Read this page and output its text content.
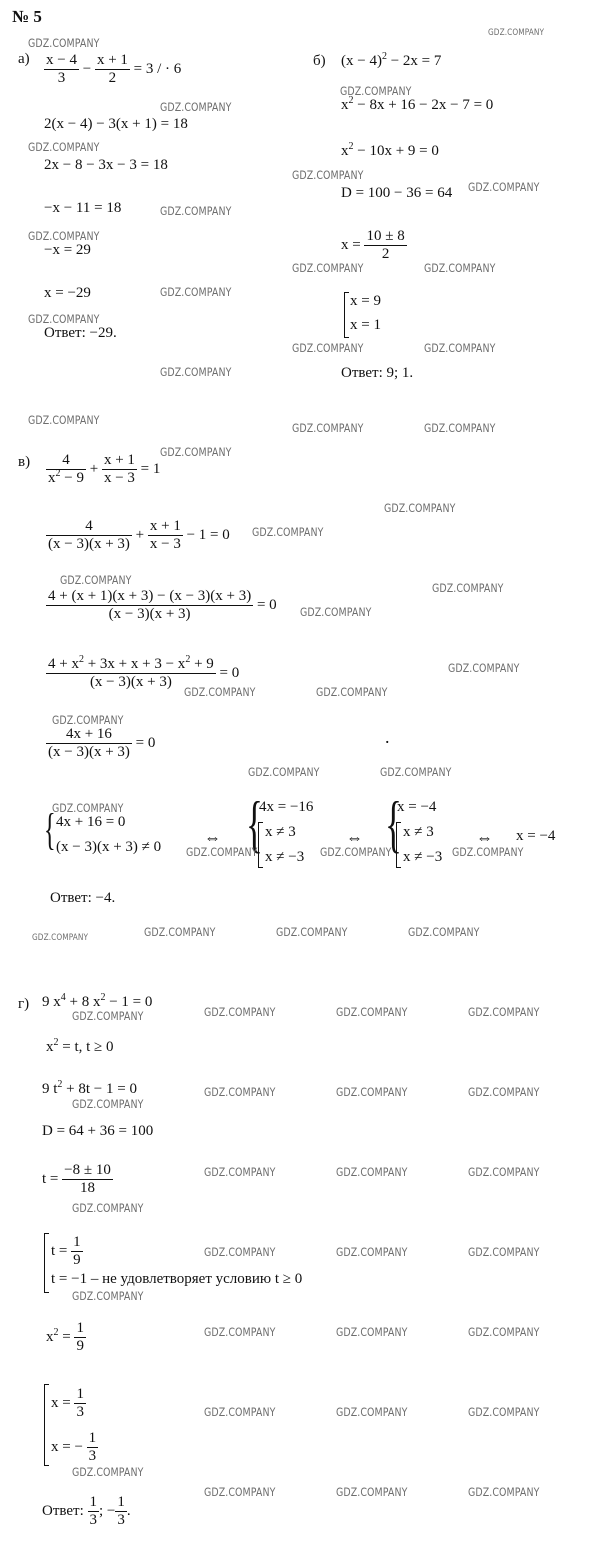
№ 5
$а) \frac{x - 4}{3} - \frac{x + 1}{2} = 3$ / · 6
2(x − 4) − 3(x + 1) = 18
2x − 8 − 3x − 3 = 18
−x − 11 = 18
−x = 29
x = −29
Ответ: −29.
б) $(x - 4)^2 - 2x = 7$
$x^2 - 8x + 16 - 2x - 7 = 0$
$x^2 - 10x + 9 = 0$
D = 100 − 36 = 64
$x = \frac{10 \pm 8}{2}$
x = 9
x = 1
Ответ: 9; 1.
$в) \frac{4}{x^2 - 9} + \frac{x + 1}{x - 3} = 1$
$\frac{4}{(x - 3)(x + 3)} + \frac{x + 1}{x - 3} - 1 = 0$
$\frac{4 + (x + 1)(x + 3) - (x - 3)(x + 3)}{(x - 3)(x + 3)} = 0$
$\frac{4 + x^2 + 3x + x + 3 - x^2 + 9}{(x - 3)(x + 3)} = 0$
$\frac{4x + 16}{(x - 3)(x + 3)} = 0$	.
{ 4x + 16 = 0
(x − 3)(x + 3) ≠ 0	⇔ {
4x = −16
x ≠ 3
x ≠ −3
⇔ {
x = −4
x ≠ 3
x ≠ −3
⇔ x = −4
Ответ: −4.
г) 9 $x^4 + 8$ $x^2 - 1 = 0$
$x^2 = t$, t ≥ 0
9 $t^2 + 8t - 1 = 0$
D = 64 + 36 = 100
$t = \frac{-8 \pm 10}{18}$
$t = \frac{1}{9}$
t = −1 – не удовлетворяет условию t ≥ 0
$x^2 = \frac{1}{9}$
$x = \frac{1}{3}$
x = − $\frac{1}{3}$
Ответ: $\frac{1}{3}$ ; − $\frac{1}{3}$ .
GDZ.COMPANY
GDZ.COMPANY
GDZ.COMPANY
GDZ.COMPANY
GDZ.COMPANY
GDZ.COMPANY
GDZ.COMPANY
GDZ.COMPANY
GDZ.COMPANY
GDZ.COMPANY	GDZ.COMPANY
GDZ.COMPANY
GDZ.COMPANY
GDZ.COMPANY	GDZ.COMPANY
GDZ.COMPANY
GDZ.COMPANY
GDZ.COMPANY	GDZ.COMPANY
GDZ.COMPANY
GDZ.COMPANY
GDZ.COMPANY
GDZ.COMPANY
GDZ.COMPANY
GDZ.COMPANY
GDZ.COMPANY
GDZ.COMPANY	GDZ.COMPANY
GDZ.COMPANY
GDZ.COMPANY	GDZ.COMPANY
GDZ.COMPANY
GDZ.COMPANY	GDZ.COMPANY	GDZ.COMPANY
GDZ.COMPANY	GDZ.COMPANY	GDZ.COMPANY	GDZ.COMPANY
GDZ.COMPANY	GDZ.COMPANY	GDZ.COMPANY
GDZ.COMPANY
GDZ.COMPANY	GDZ.COMPANY	GDZ.COMPANY
GDZ.COMPANY
GDZ.COMPANY	GDZ.COMPANY	GDZ.COMPANY
GDZ.COMPANY
GDZ.COMPANY	GDZ.COMPANY	GDZ.COMPANY
GDZ.COMPANY
GDZ.COMPANY	GDZ.COMPANY	GDZ.COMPANY
GDZ.COMPANY	GDZ.COMPANY	GDZ.COMPANY
GDZ.COMPANY
GDZ.COMPANY	GDZ.COMPANY	GDZ.COMPANY
